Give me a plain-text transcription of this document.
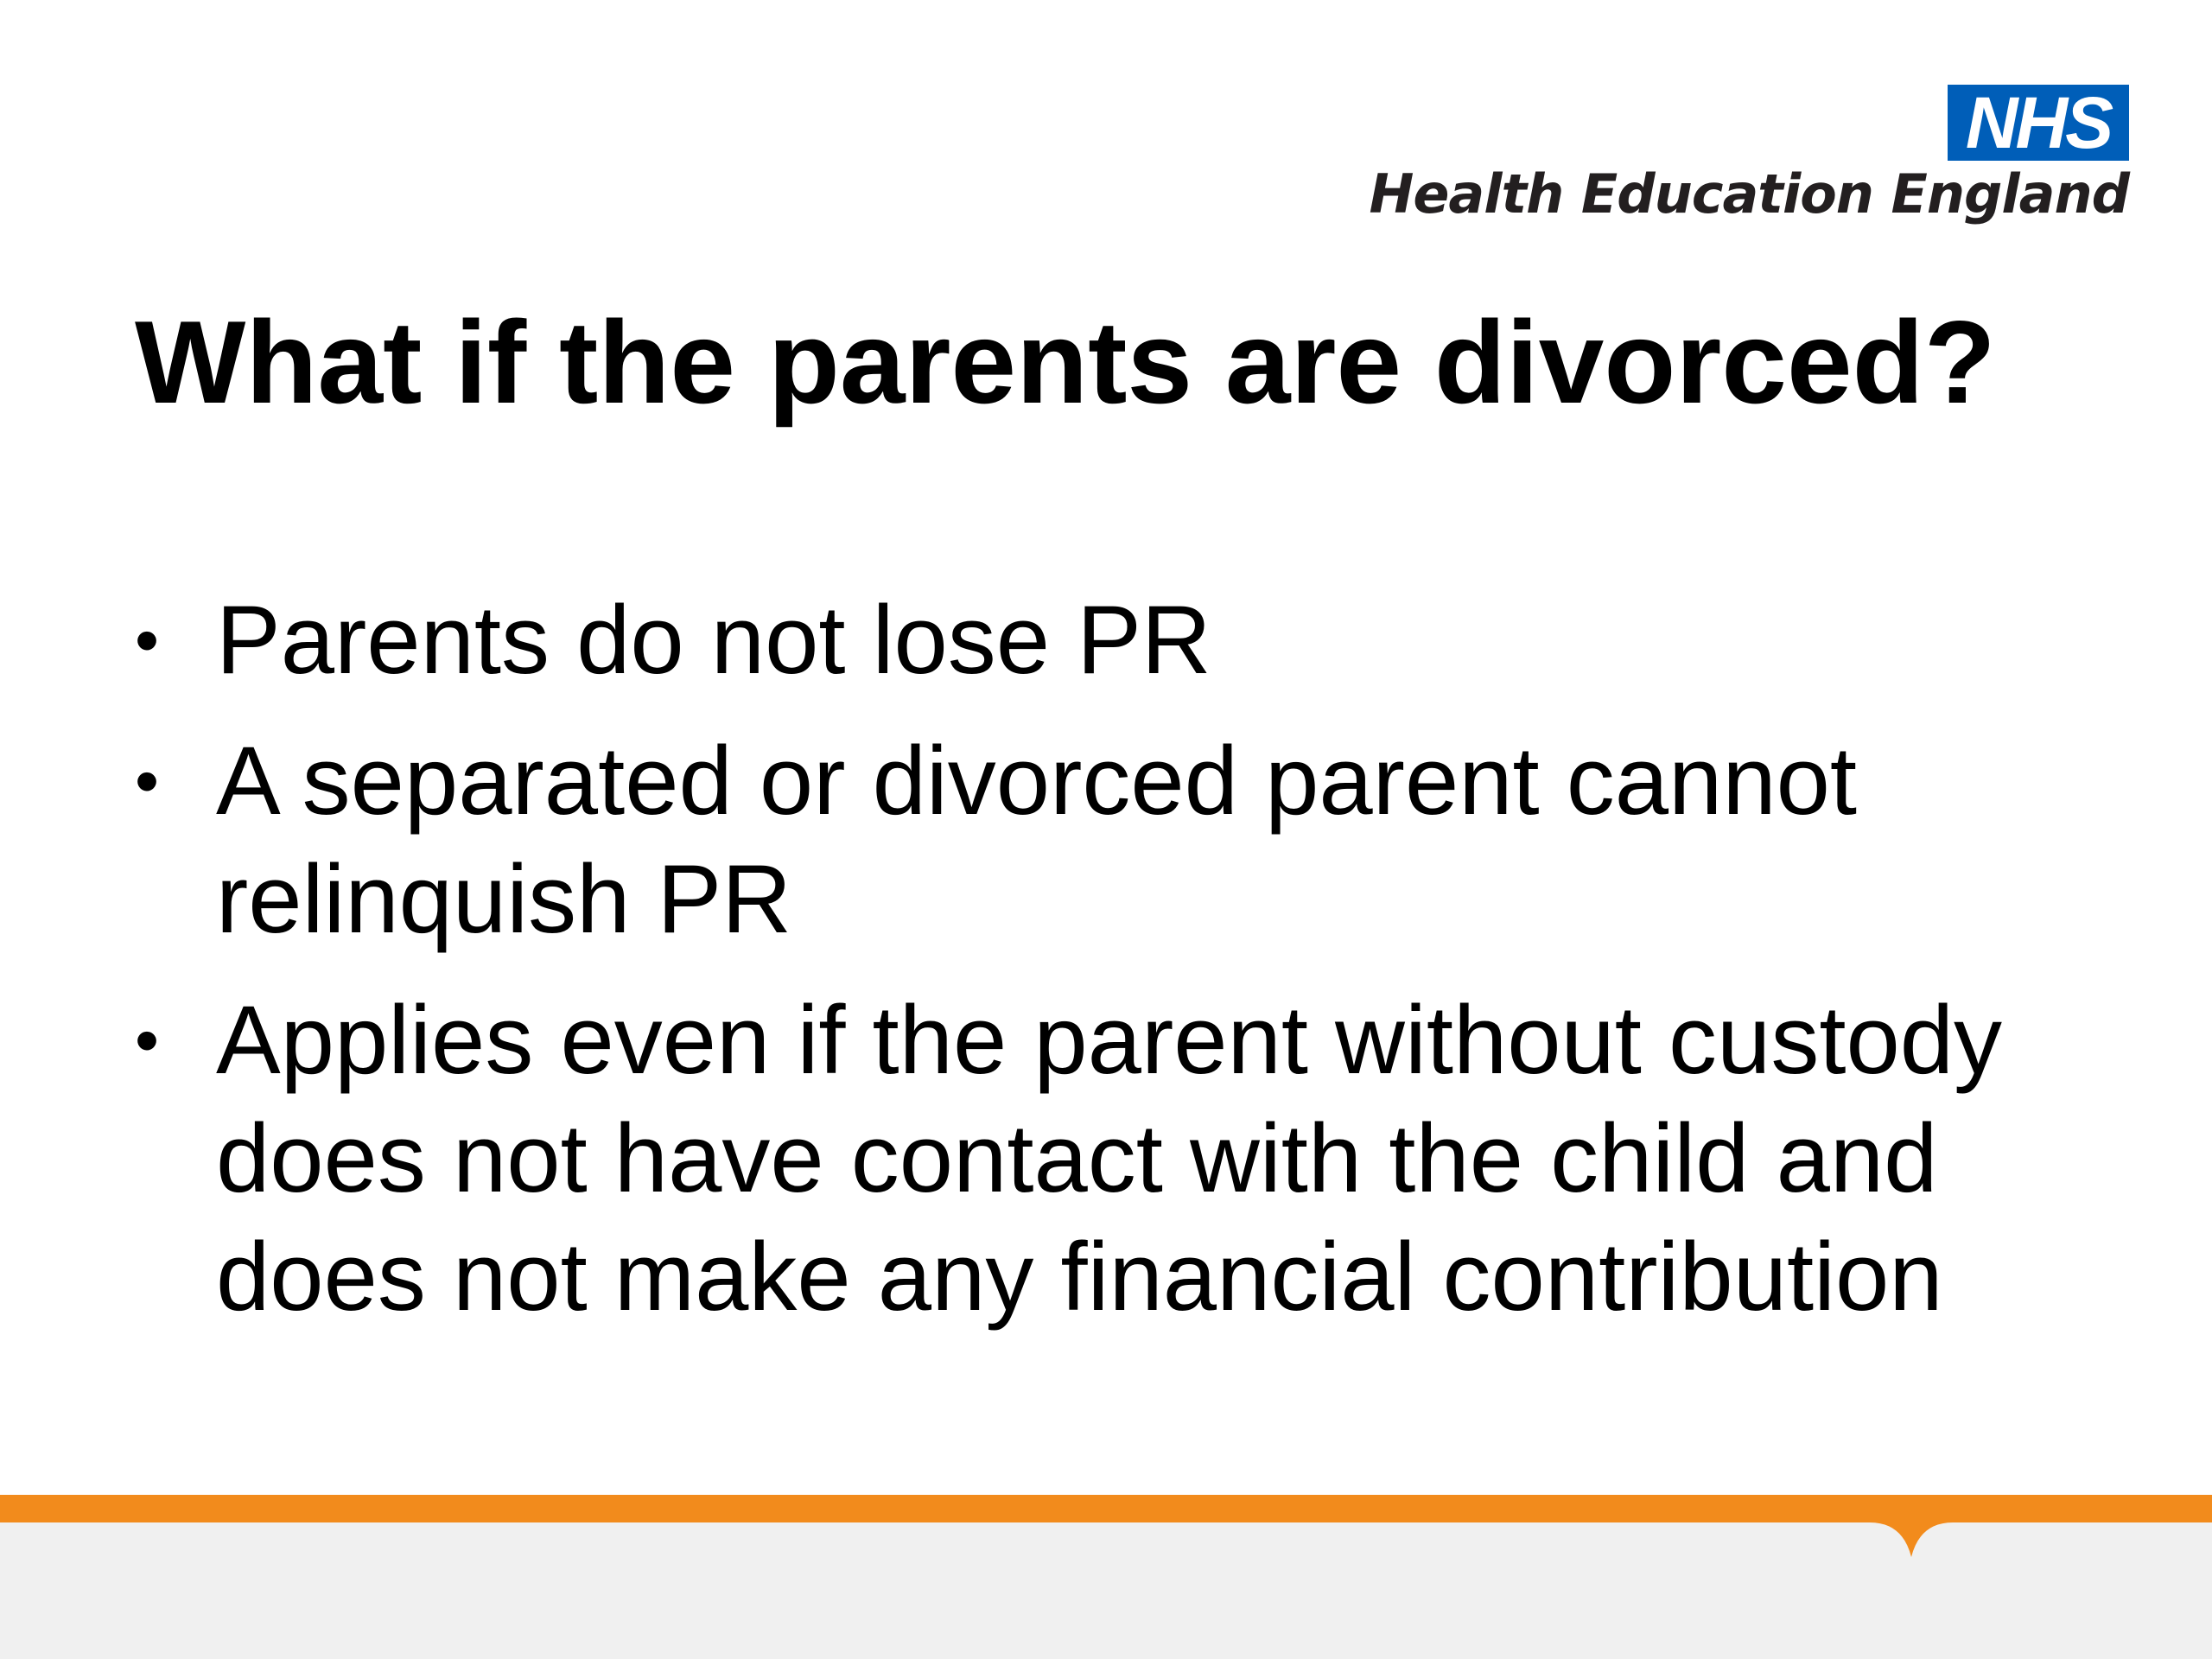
NHS
Health Education England
What if the parents are divorced?
• Parents do not lose PR
• A separated or divorced parent cannot relinquish PR
• Applies even if the parent without custody does not have contact with the child and does not make any financial contribution
